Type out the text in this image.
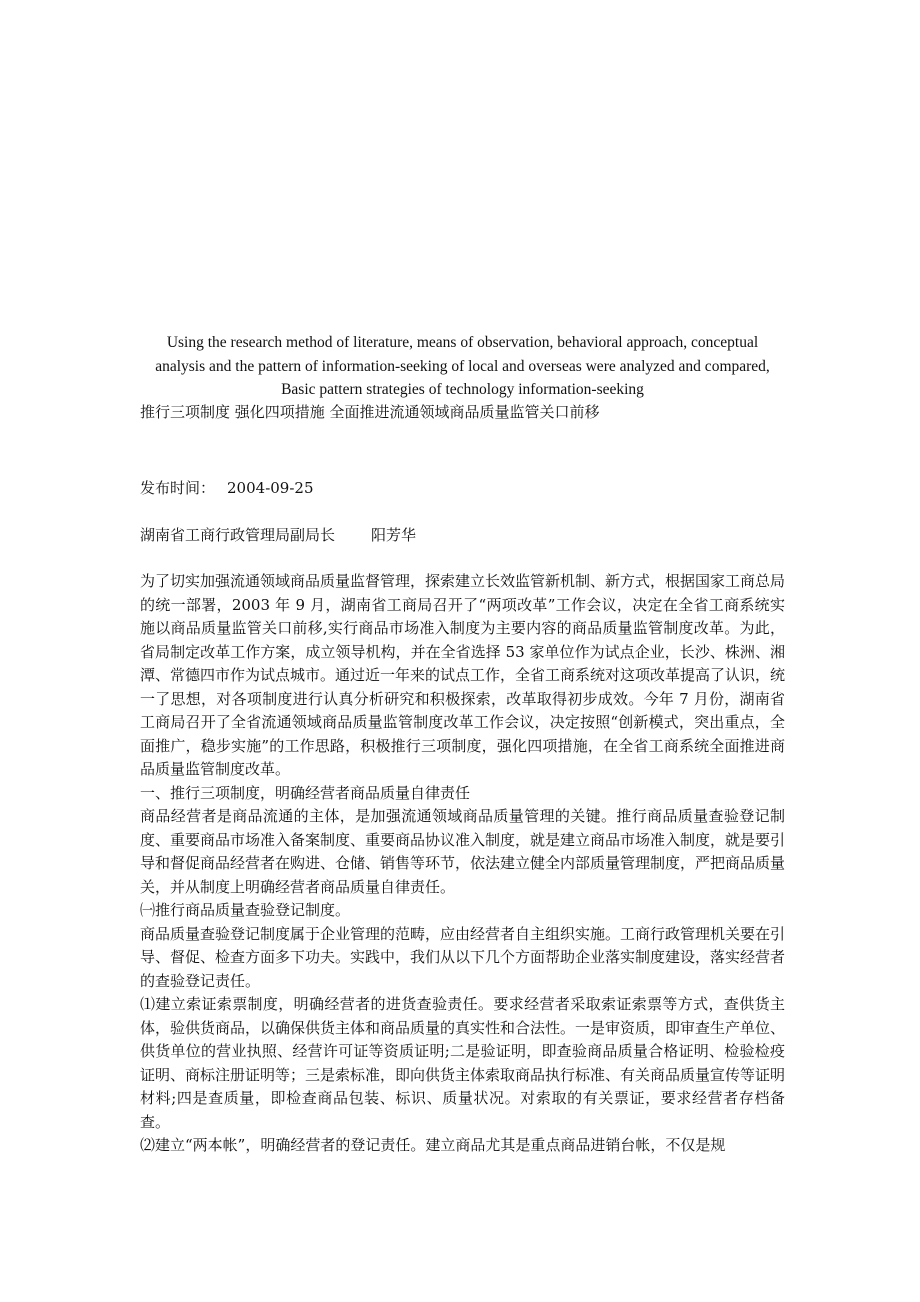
Using the research method of literature, means of observation, behavioral approach, conceptual
analysis and the pattern of information-seeking of local and overseas were analyzed and compared,
Basic pattern strategies of technology information-seeking
推行三项制度 强化四项措施 全面推进流通领域商品质量监管关口前移
发布时间： 2004-09-25
湖南省工商行政管理局副局长 阳芳华

为了切实加强流通领域商品质量监督管理，探索建立长效监管新机制、新方式，根据国家工商总局的统一部署，2003 年 9 月，湖南省工商局召开了“两项改革”工作会议，决定在全省工商系统实施以商品质量监管关口前移,实行商品市场准入制度为主要内容的商品质量监管制度改革。为此，省局制定改革工作方案，成立领导机构，并在全省选择 53 家单位作为试点企业，长沙、株洲、湘潭、常德四市作为试点城市。通过近一年来的试点工作，全省工商系统对这项改革提高了认识，统一了思想，对各项制度进行认真分析研究和积极探索，改革取得初步成效。今年 7 月份，湖南省工商局召开了全省流通领域商品质量监管制度改革工作会议，决定按照“创新模式，突出重点，全面推广，稳步实施”的工作思路，积极推行三项制度，强化四项措施，在全省工商系统全面推进商品质量监管制度改革。

一、推行三项制度，明确经营者商品质量自律责任

商品经营者是商品流通的主体，是加强流通领域商品质量管理的关键。推行商品质量查验登记制度、重要商品市场准入备案制度、重要商品协议准入制度，就是建立商品市场准入制度，就是要引导和督促商品经营者在购进、仓储、销售等环节，依法建立健全内部质量管理制度，严把商品质量关，并从制度上明确经营者商品质量自律责任。

㈠推行商品质量查验登记制度。

商品质量查验登记制度属于企业管理的范畴，应由经营者自主组织实施。工商行政管理机关要在引导、督促、检查方面多下功夫。实践中，我们从以下几个方面帮助企业落实制度建设，落实经营者的查验登记责任。

⑴建立索证索票制度，明确经营者的进货查验责任。要求经营者采取索证索票等方式，查供货主体，验供货商品，以确保供货主体和商品质量的真实性和合法性。一是审资质，即审查生产单位、供货单位的营业执照、经营许可证等资质证明;二是验证明，即查验商品质量合格证明、检验检疫证明、商标注册证明等；三是索标准，即向供货主体索取商品执行标准、有关商品质量宣传等证明材料;四是查质量，即检查商品包装、标识、质量状况。对索取的有关票证，要求经营者存档备查。

⑵建立“两本帐”，明确经营者的登记责任。建立商品尤其是重点商品进销台帐，不仅是规
